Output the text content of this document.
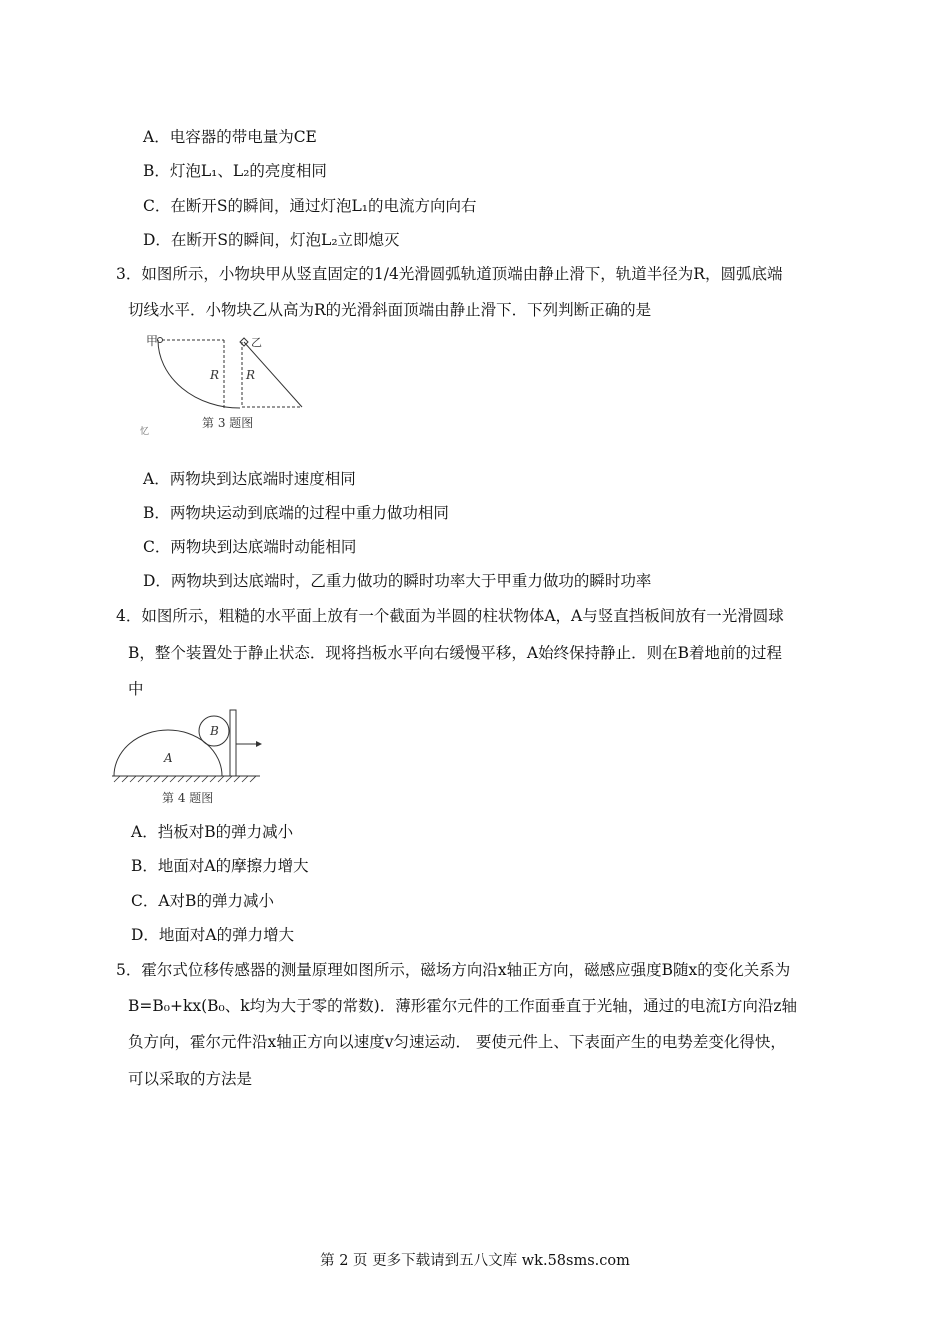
A．电容器的带电量为CE
B．灯泡L₁、L₂的亮度相同
C．在断开S的瞬间，通过灯泡L₁的电流方向向右
D．在断开S的瞬间，灯泡L₂立即熄灭
3．如图所示，小物块甲从竖直固定的1/4光滑圆弧轨道顶端由静止滑下，轨道半径为R，圆弧底端
切线水平．小物块乙从高为R的光滑斜面顶端由静止滑下．下列判断正确的是
甲	乙
R R
第 3 题图
忆
A．两物块到达底端时速度相同
B．两物块运动到底端的过程中重力做功相同
C．两物块到达底端时动能相同
D．两物块到达底端时，乙重力做功的瞬时功率大于甲重力做功的瞬时功率
4．如图所示，粗糙的水平面上放有一个截面为半圆的柱状物体A，A与竖直挡板间放有一光滑圆球
B，整个装置处于静止状态．现将挡板水平向右缓慢平移，A始终保持静止．则在B着地前的过程
中
B
A
第 4 题图
A．挡板对B的弹力减小
B．地面对A的摩擦力增大
C．A对B的弹力减小
D．地面对A的弹力增大
5．霍尔式位移传感器的测量原理如图所示，磁场方向沿x轴正方向，磁感应强度B随x的变化关系为
B=B₀+kx(B₀、k均为大于零的常数)．薄形霍尔元件的工作面垂直于光轴，通过的电流I方向沿z轴
负方向，霍尔元件沿x轴正方向以速度v匀速运动． 要使元件上、下表面产生的电势差变化得快，
可以采取的方法是
第 2 页 更多下载请到五八文库 wk.58sms.com
